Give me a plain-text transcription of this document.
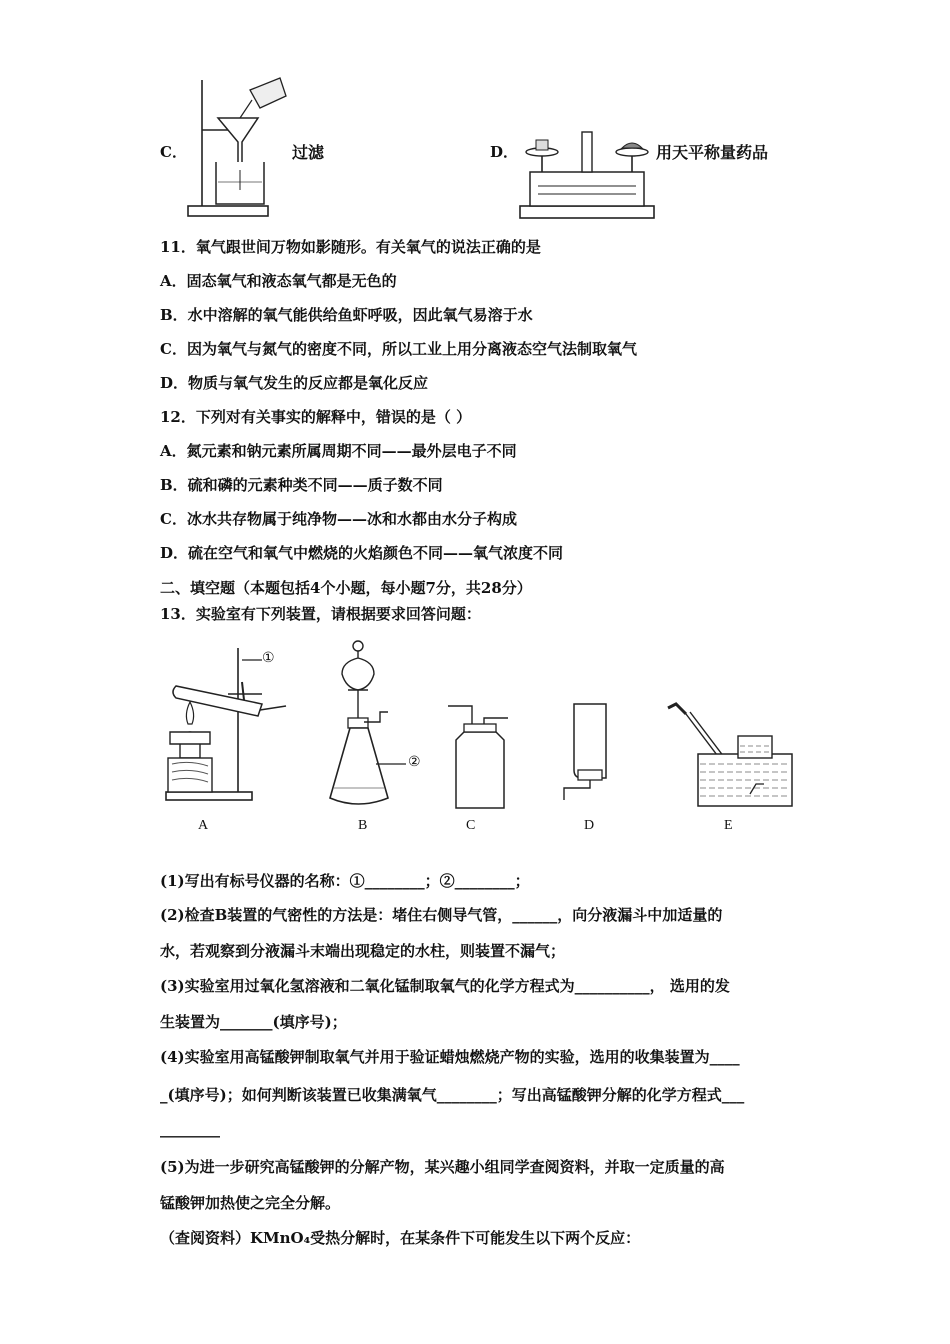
C．	过滤	D．	用天平称量药品
11．氧气跟世间万物如影随形。有关氧气的说法正确的是
A．固态氧气和液态氧气都是无色的
B．水中溶解的氧气能供给鱼虾呼吸，因此氧气易溶于水
C．因为氧气与氮气的密度不同，所以工业上用分离液态空气法制取氧气
D．物质与氧气发生的反应都是氧化反应
12．下列对有关事实的解释中，错误的是（ ）
A．氮元素和钠元素所属周期不同——最外层电子不同
B．硫和磷的元素种类不同——质子数不同
C．冰水共存物属于纯净物——冰和水都由水分子构成
D．硫在空气和氧气中燃烧的火焰颜色不同——氧气浓度不同
二、填空题（本题包括4个小题，每小题7分，共28分）
13．实验室有下列装置，请根据要求回答问题：
①
②
A	B	C	D	E
(1)写出有标号仪器的名称：①________；②________；
(2)检查B装置的气密性的方法是：堵住右侧导气管，______，向分液漏斗中加适量的
水，若观察到分液漏斗末端出现稳定的水柱，则装置不漏气；
(3)实验室用过氧化氢溶液和二氧化锰制取氧气的化学方程式为__________， 选用的发
生装置为_______(填序号)；
(4)实验室用高锰酸钾制取氧气并用于验证蜡烛燃烧产物的实验，选用的收集装置为____
_(填序号)；如何判断该装置已收集满氧气________；写出高锰酸钾分解的化学方程式___
________
(5)为进一步研究高锰酸钾的分解产物，某兴趣小组同学查阅资料，并取一定质量的高
锰酸钾加热使之完全分解。
（查阅资料）KMnO₄受热分解时，在某条件下可能发生以下两个反应：
